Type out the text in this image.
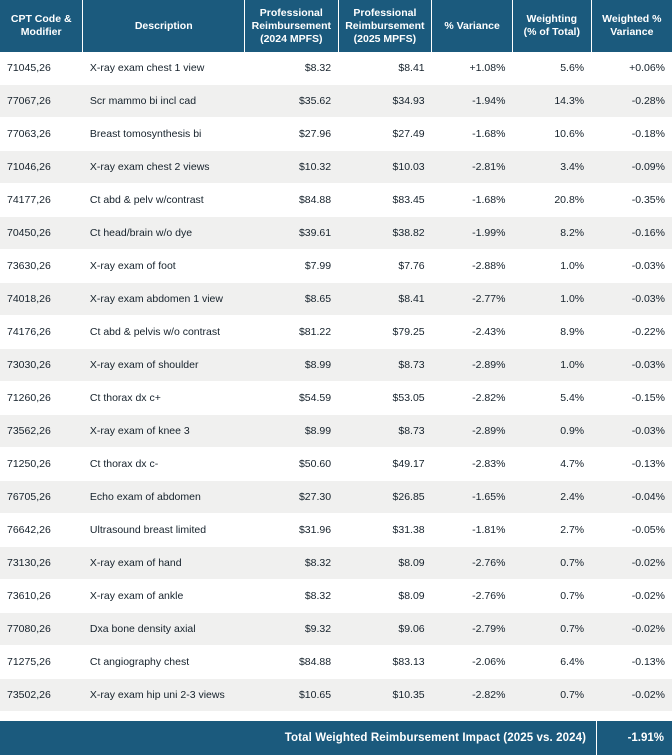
CPT Code & Modifier	Description	Professional Reimbursement (2024 MPFS)	Professional Reimbursement (2025 MPFS)	% Variance	Weighting (% of Total)	Weighted % Variance
71045,26	X-ray exam chest 1 view	$8.32	$8.41	+1.08%	5.6%	+0.06%
77067,26	Scr mammo bi incl cad	$35.62	$34.93	-1.94%	14.3%	-0.28%
77063,26	Breast tomosynthesis bi	$27.96	$27.49	-1.68%	10.6%	-0.18%
71046,26	X-ray exam chest 2 views	$10.32	$10.03	-2.81%	3.4%	-0.09%
74177,26	Ct abd & pelv w/contrast	$84.88	$83.45	-1.68%	20.8%	-0.35%
70450,26	Ct head/brain w/o dye	$39.61	$38.82	-1.99%	8.2%	-0.16%
73630,26	X-ray exam of foot	$7.99	$7.76	-2.88%	1.0%	-0.03%
74018,26	X-ray exam abdomen 1 view	$8.65	$8.41	-2.77%	1.0%	-0.03%
74176,26	Ct abd & pelvis w/o contrast	$81.22	$79.25	-2.43%	8.9%	-0.22%
73030,26	X-ray exam of shoulder	$8.99	$8.73	-2.89%	1.0%	-0.03%
71260,26	Ct thorax dx c+	$54.59	$53.05	-2.82%	5.4%	-0.15%
73562,26	X-ray exam of knee 3	$8.99	$8.73	-2.89%	0.9%	-0.03%
71250,26	Ct thorax dx c-	$50.60	$49.17	-2.83%	4.7%	-0.13%
76705,26	Echo exam of abdomen	$27.30	$26.85	-1.65%	2.4%	-0.04%
76642,26	Ultrasound breast limited	$31.96	$31.38	-1.81%	2.7%	-0.05%
73130,26	X-ray exam of hand	$8.32	$8.09	-2.76%	0.7%	-0.02%
73610,26	X-ray exam of ankle	$8.32	$8.09	-2.76%	0.7%	-0.02%
77080,26	Dxa bone density axial	$9.32	$9.06	-2.79%	0.7%	-0.02%
71275,26	Ct angiography chest	$84.88	$83.13	-2.06%	6.4%	-0.13%
73502,26	X-ray exam hip uni 2-3 views	$10.65	$10.35	-2.82%	0.7%	-0.02%
Total Weighted Reimbursement Impact (2025 vs. 2024)	-1.91%
